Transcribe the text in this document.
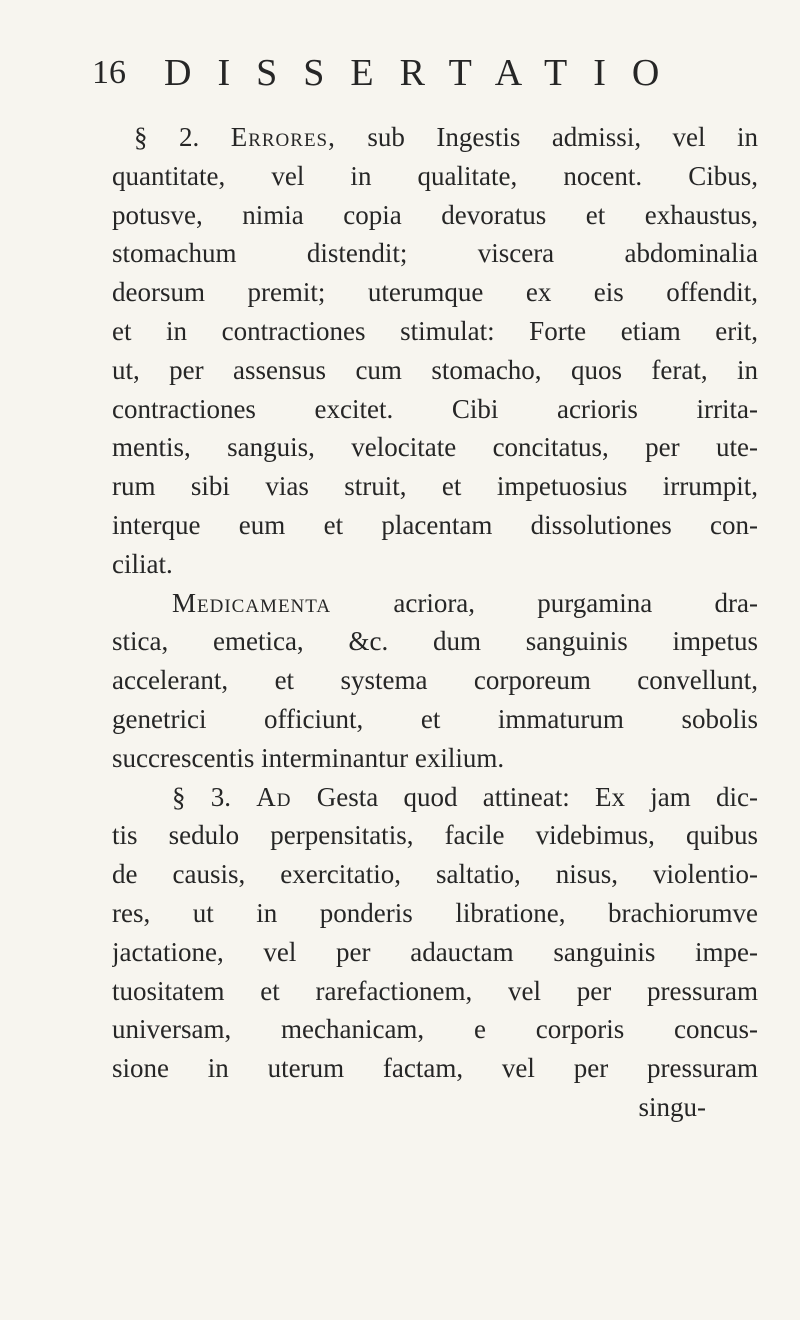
16 DISSERTATIO
§ 2. Errores, sub Ingestis admissi, vel in
quantitate, vel in qualitate, nocent. Cibus,
potusve, nimia copia devoratus et exhaustus,
stomachum distendit; viscera abdominalia
deorsum premit; uterumque ex eis offendit,
et in contractiones stimulat: Forte etiam erit,
ut, per assensus cum stomacho, quos ferat, in
contractiones excitet. Cibi acrioris irrita-
mentis, sanguis, velocitate concitatus, per ute-
rum sibi vias struit, et impetuosius irrumpit,
interque eum et placentam dissolutiones con-
ciliat.
Medicamenta acriora, purgamina dra-
stica, emetica, &c. dum sanguinis impetus
accelerant, et systema corporeum convellunt,
genetrici officiunt, et immaturum sobolis
succrescentis interminantur exilium.
§ 3. Ad Gesta quod attineat: Ex jam dic-
tis sedulo perpensitatis, facile videbimus, quibus
de causis, exercitatio, saltatio, nisus, violentio-
res, ut in ponderis libratione, brachiorumve
jactatione, vel per adauctam sanguinis impe-
tuositatem et rarefactionem, vel per pressuram
universam, mechanicam, e corporis concus-
sione in uterum factam, vel per pressuram
singu-
